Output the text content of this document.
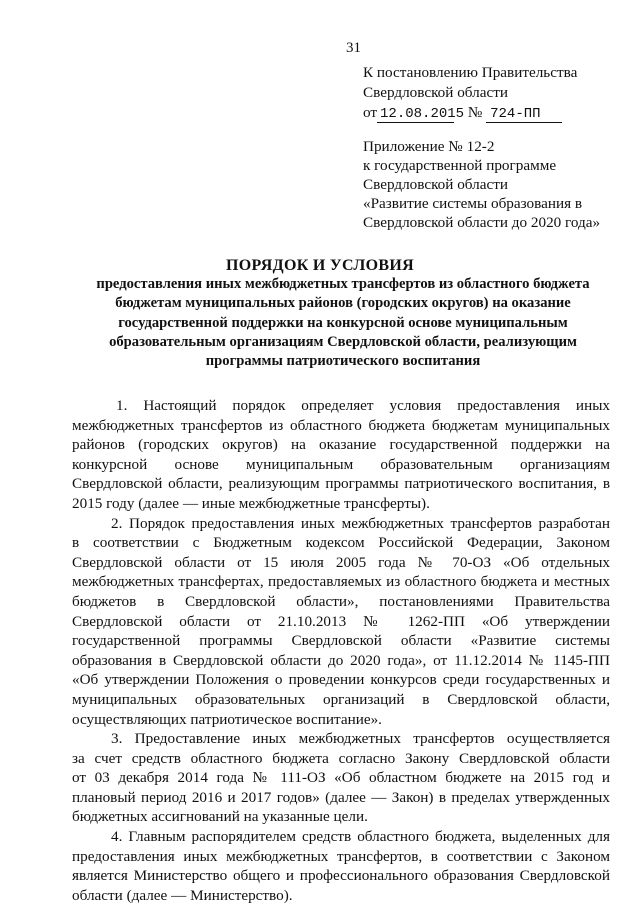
31
К постановлению Правительства
Свердловской области
от 12.08.2015 № 724-ПП
Приложение № 12-2
к государственной программе
Свердловской области
«Развитие системы образования в
Свердловской области до 2020 года»
ПОРЯДОК И УСЛОВИЯ
предоставления иных межбюджетных трансфертов из областного бюджета
бюджетам муниципальных районов (городских округов) на оказание
государственной поддержки на конкурсной основе муниципальным
образовательным организациям Свердловской области, реализующим
программы патриотического воспитания
1. Настоящий порядок определяет условия предоставления иных
межбюджетных трансфертов из областного бюджета бюджетам муниципальных
районов (городских округов) на оказание государственной поддержки на
конкурсной основе муниципальным образовательным организациям
Свердловской области, реализующим программы патриотического воспитания, в
2015 году (далее — иные межбюджетные трансферты).
2. Порядок предоставления иных межбюджетных трансфертов разработан
в соответствии с Бюджетным кодексом Российской Федерации, Законом
Свердловской области от 15 июля 2005 года № 70-ОЗ «Об отдельных
межбюджетных трансфертах, предоставляемых из областного бюджета и местных
бюджетов в Свердловской области», постановлениями Правительства
Свердловской области от 21.10.2013 № 1262-ПП «Об утверждении
государственной программы Свердловской области «Развитие системы
образования в Свердловской области до 2020 года», от 11.12.2014 № 1145-ПП
«Об утверждении Положения о проведении конкурсов среди государственных и
муниципальных образовательных организаций в Свердловской области,
осуществляющих патриотическое воспитание».
3. Предоставление иных межбюджетных трансфертов осуществляется
за счет средств областного бюджета согласно Закону Свердловской области
от 03 декабря 2014 года № 111-ОЗ «Об областном бюджете на 2015 год и
плановый период 2016 и 2017 годов» (далее — Закон) в пределах утвержденных
бюджетных ассигнований на указанные цели.
4. Главным распорядителем средств областного бюджета, выделенных для
предоставления иных межбюджетных трансфертов, в соответствии с Законом
является Министерство общего и профессионального образования Свердловской
области (далее — Министерство).
